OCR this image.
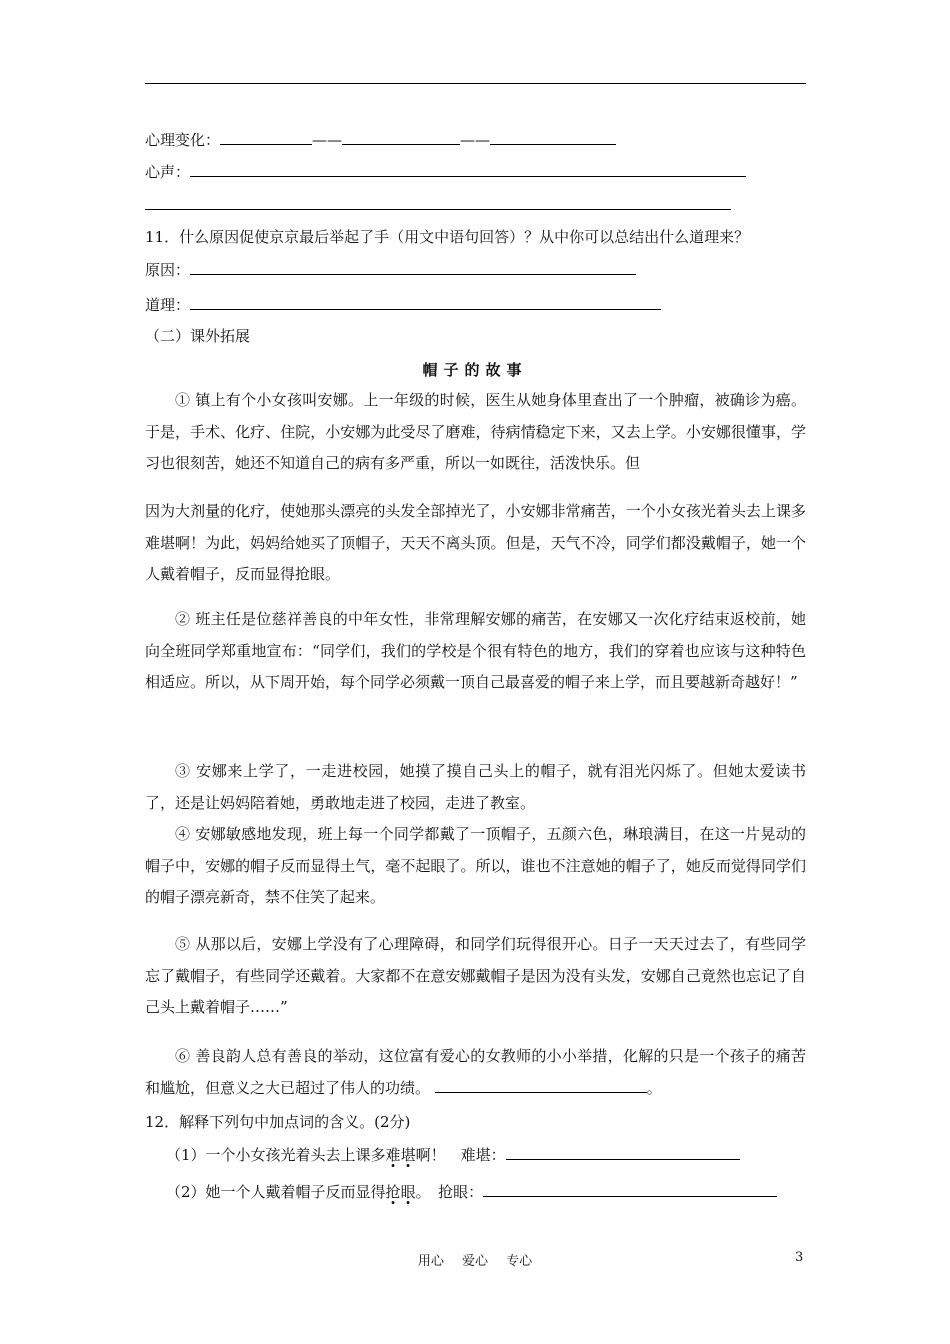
心理变化：	——	——
心声：
11．什么原因促使京京最后举起了手（用文中语句回答）？从中你可以总结出什么道理来？
原因：
道理：
（二）课外拓展
帽子的故事
① 镇上有个小女孩叫安娜。上一年级的时候，医生从她身体里查出了一个肿瘤，被确诊为癌。于是，手术、化疗、住院，小安娜为此受尽了磨难，待病情稳定下来，又去上学。小安娜很懂事，学习也很刻苦，她还不知道自己的病有多严重，所以一如既往，活泼快乐。但
因为大剂量的化疗，使她那头漂亮的头发全部掉光了，小安娜非常痛苦，一个小女孩光着头去上课多难堪啊！为此，妈妈给她买了顶帽子，天天不离头顶。但是，天气不冷，同学们都没戴帽子，她一个人戴着帽子，反而显得抢眼。
② 班主任是位慈祥善良的中年女性，非常理解安娜的痛苦，在安娜又一次化疗结束返校前，她向全班同学郑重地宣布：“同学们，我们的学校是个很有特色的地方，我们的穿着也应该与这种特色相适应。所以，从下周开始，每个同学必须戴一顶自己最喜爱的帽子来上学，而且要越新奇越好！”
③ 安娜来上学了，一走进校园，她摸了摸自己头上的帽子，就有泪光闪烁了。但她太爱读书了，还是让妈妈陪着她，勇敢地走进了校园，走进了教室。
④ 安娜敏感地发现，班上每一个同学都戴了一顶帽子，五颜六色，琳琅满目，在这一片晃动的帽子中，安娜的帽子反而显得土气，毫不起眼了。所以，谁也不注意她的帽子了，她反而觉得同学们的帽子漂亮新奇，禁不住笑了起来。
⑤ 从那以后，安娜上学没有了心理障碍，和同学们玩得很开心。日子一天天过去了，有些同学忘了戴帽子，有些同学还戴着。大家都不在意安娜戴帽子是因为没有头发，安娜自己竟然也忘记了自己头上戴着帽子……”
⑥ 善良韵人总有善良的举动，这位富有爱心的女教师的小小举措，化解的只是一个孩子的痛苦和尴尬，但意义之大已超过了伟人的功绩。	。
12．解释下列句中加点词的含义。(2分)
（1）一个小女孩光着头去上课多难堪啊！　难堪：
（2）她一个人戴着帽子反而显得抢眼。　抢眼：
用心 爱心 专心	3
